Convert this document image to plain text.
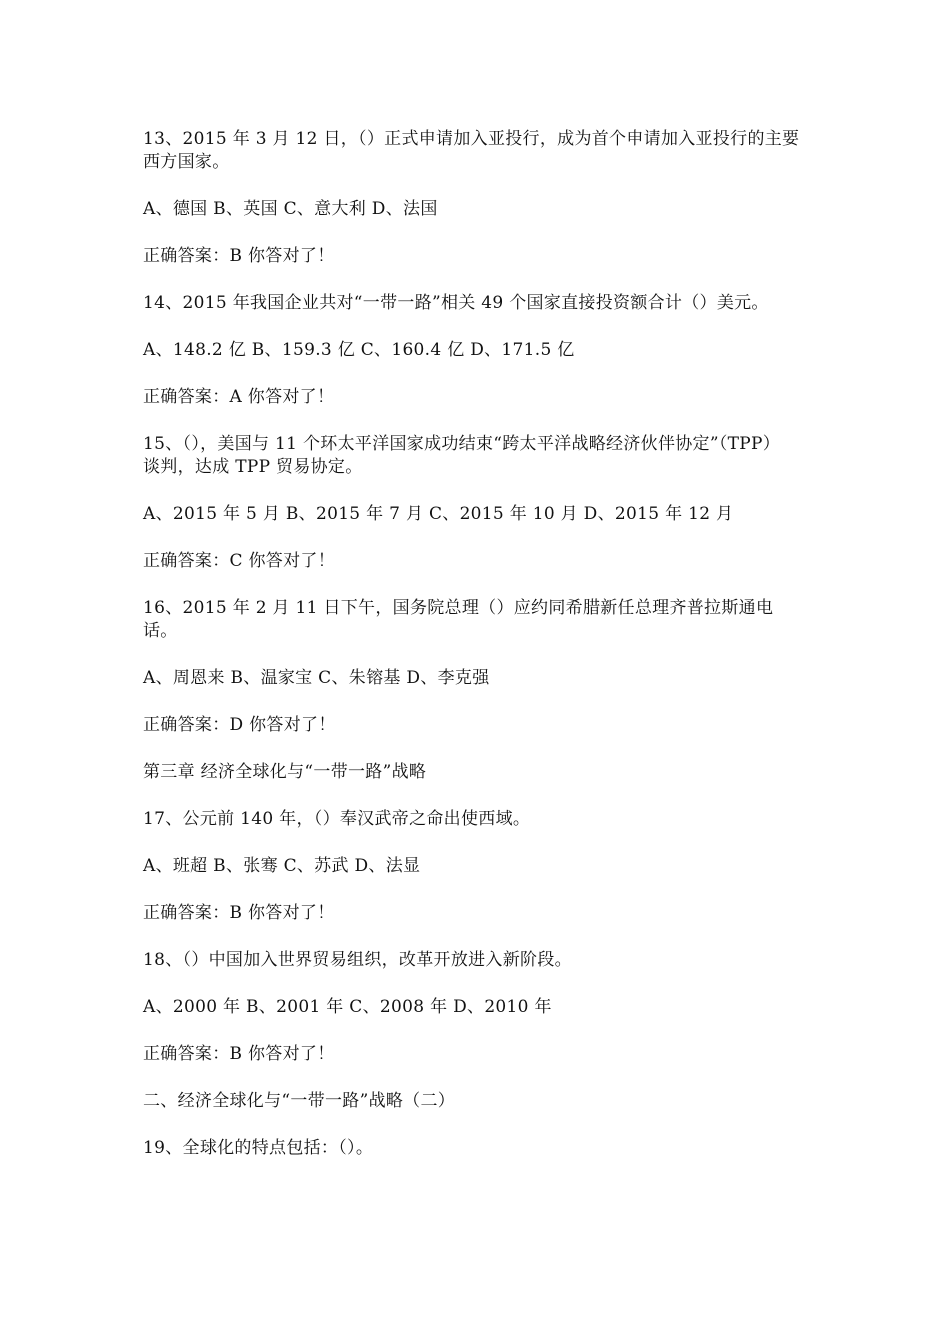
13、2015 年 3 月 12 日，（）正式申请加入亚投行，成为首个申请加入亚投行的主要西方国家。

A、德国 B、英国 C、意大利 D、法国

正确答案：B 你答对了！

14、2015 年我国企业共对“一带一路”相关 49 个国家直接投资额合计（）美元。

A、148.2 亿 B、159.3 亿 C、160.4 亿 D、171.5 亿

正确答案：A 你答对了！

15、（），美国与 11 个环太平洋国家成功结束“跨太平洋战略经济伙伴协定”（TPP）谈判，达成 TPP 贸易协定。

A、2015 年 5 月 B、2015 年 7 月 C、2015 年 10 月 D、2015 年 12 月

正确答案：C 你答对了！

16、2015 年 2 月 11 日下午，国务院总理（）应约同希腊新任总理齐普拉斯通电话。

A、周恩来 B、温家宝 C、朱镕基 D、李克强

正确答案：D 你答对了！

第三章 经济全球化与“一带一路”战略

17、公元前 140 年，（）奉汉武帝之命出使西域。

A、班超 B、张骞 C、苏武 D、法显

正确答案：B 你答对了！

18、（）中国加入世界贸易组织，改革开放进入新阶段。

A、2000 年 B、2001 年 C、2008 年 D、2010 年

正确答案：B 你答对了！

二、经济全球化与“一带一路”战略（二）

19、全球化的特点包括：（）。
